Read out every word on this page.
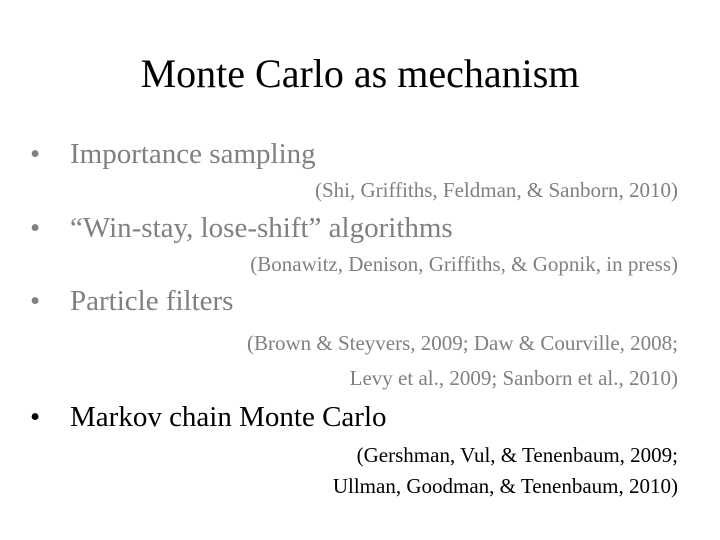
Monte Carlo as mechanism
• Importance sampling
(Shi, Griffiths, Feldman, & Sanborn, 2010)
• “Win-stay, lose-shift” algorithms
(Bonawitz, Denison, Griffiths, & Gopnik, in press)
• Particle filters
(Brown & Steyvers, 2009; Daw & Courville, 2008;
Levy et al., 2009; Sanborn et al., 2010)
• Markov chain Monte Carlo
(Gershman, Vul, & Tenenbaum, 2009;
Ullman, Goodman, & Tenenbaum, 2010)
